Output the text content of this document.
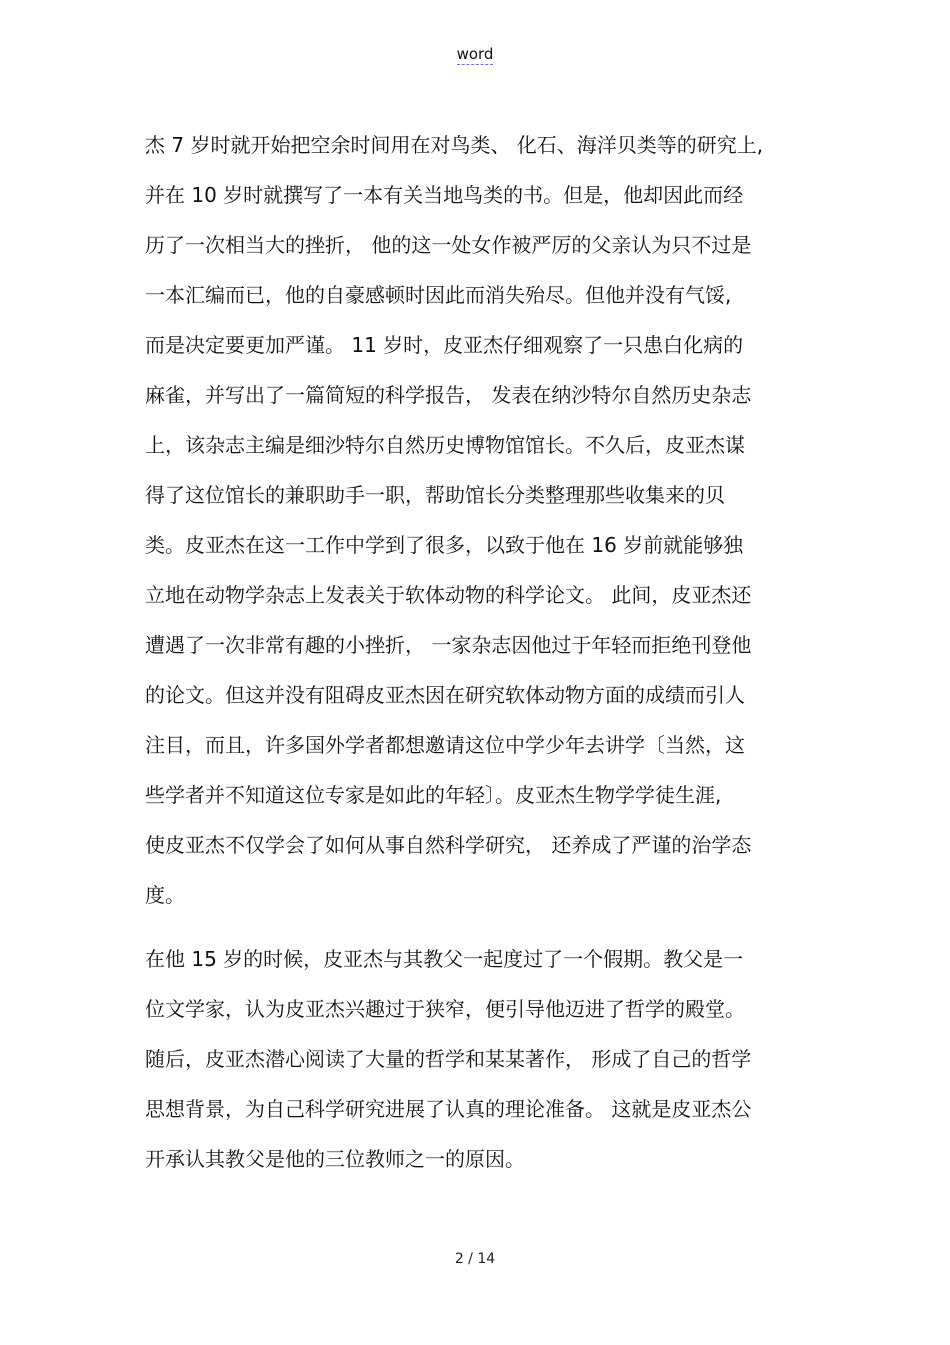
word
杰 7 岁时就开始把空余时间用在对鸟类、 化石、海洋贝类等的研究上,
并在 10 岁时就撰写了一本有关当地鸟类的书。但是，他却因此而经
历了一次相当大的挫折， 他的这一处女作被严厉的父亲认为只不过是
一本汇编而已，他的自豪感顿时因此而消失殆尽。但他并没有气馁,
而是决定要更加严谨。 11 岁时，皮亚杰仔细观察了一只患白化病的
麻雀，并写出了一篇简短的科学报告， 发表在纳沙特尔自然历史杂志
上，该杂志主编是细沙特尔自然历史博物馆馆长。不久后，皮亚杰谋
得了这位馆长的兼职助手一职，帮助馆长分类整理那些收集来的贝
类。皮亚杰在这一工作中学到了很多，以致于他在 16 岁前就能够独
立地在动物学杂志上发表关于软体动物的科学论文。 此间，皮亚杰还
遭遇了一次非常有趣的小挫折， 一家杂志因他过于年轻而拒绝刊登他
的论文。但这并没有阻碍皮亚杰因在研究软体动物方面的成绩而引人
注目，而且，许多国外学者都想邀请这位中学少年去讲学〔当然，这
些学者并不知道这位专家是如此的年轻〕。皮亚杰生物学学徒生涯,
使皮亚杰不仅学会了如何从事自然科学研究， 还养成了严谨的治学态
度。
在他 15 岁的时候，皮亚杰与其教父一起度过了一个假期。教父是一
位文学家，认为皮亚杰兴趣过于狭窄，便引导他迈进了哲学的殿堂。
随后，皮亚杰潜心阅读了大量的哲学和某某著作， 形成了自己的哲学
思想背景，为自己科学研究进展了认真的理论准备。 这就是皮亚杰公
开承认其教父是他的三位教师之一的原因。
2 / 14
